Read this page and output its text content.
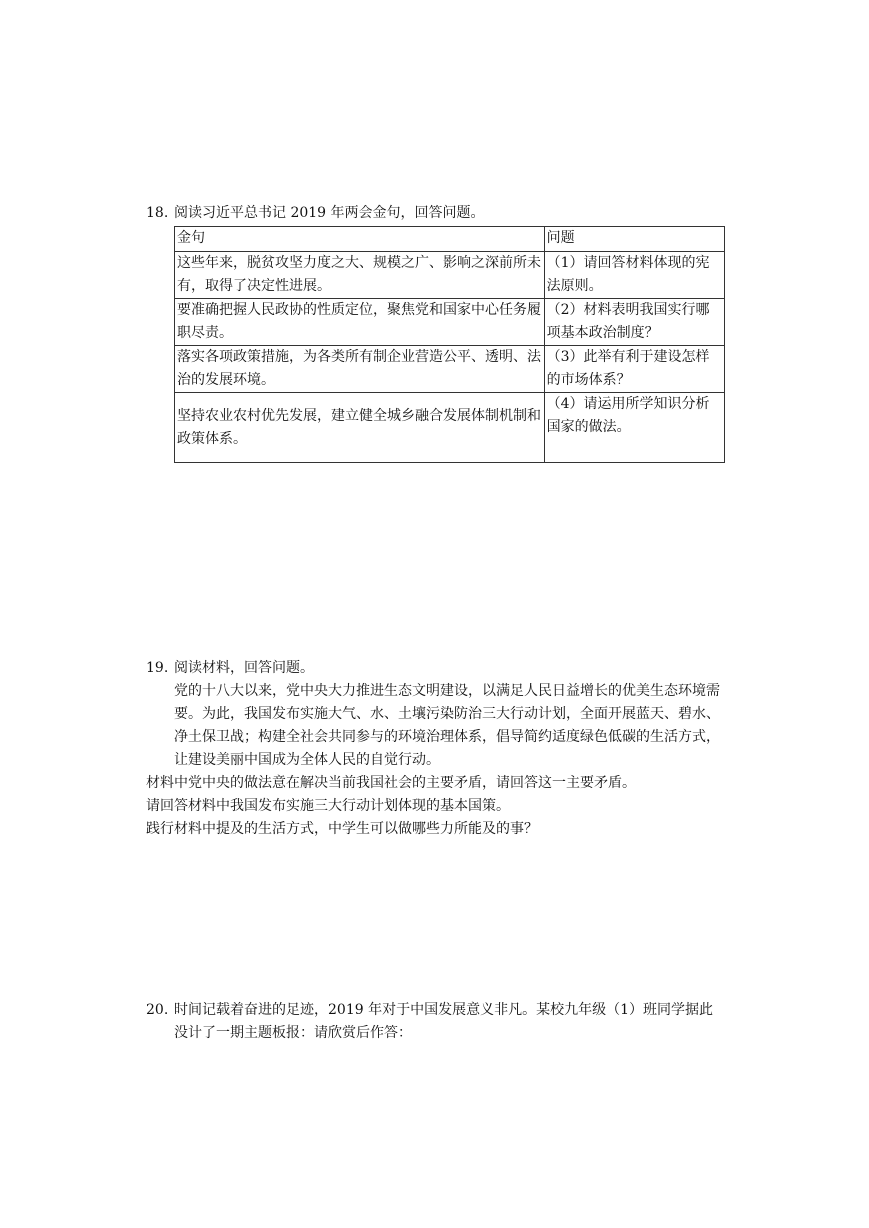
18. 阅读习近平总书记 2019 年两会金句，回答问题。
金句	问题
这些年来，脱贫攻坚力度之大、规模之广、影响之深前所未有，取得了决定性进展。	（1）请回答材料体现的宪法原则。
要准确把握人民政协的性质定位，聚焦党和国家中心任务履职尽责。	（2）材料表明我国实行哪项基本政治制度？
落实各项政策措施，为各类所有制企业营造公平、透明、法治的发展环境。	（3）此举有利于建设怎样的市场体系？
坚持农业农村优先发展，建立健全城乡融合发展体制机制和政策体系。	（4）请运用所学知识分析国家的做法。
19. 阅读材料，回答问题。

党的十八大以来，党中央大力推进生态文明建设，以满足人民日益增长的优美生态环境需要。为此，我国发布实施大气、水、土壤污染防治三大行动计划，全面开展蓝天、碧水、净土保卫战；构建全社会共同参与的环境治理体系，倡导简约适度绿色低碳的生活方式，让建设美丽中国成为全体人民的自觉行动。

材料中党中央的做法意在解决当前我国社会的主要矛盾，请回答这一主要矛盾。

请回答材料中我国发布实施三大行动计划体现的基本国策。

践行材料中提及的生活方式，中学生可以做哪些力所能及的事？

20. 时间记载着奋进的足迹，2019 年对于中国发展意义非凡。某校九年级（1）班同学据此没计了一期主题板报：请欣赏后作答：
